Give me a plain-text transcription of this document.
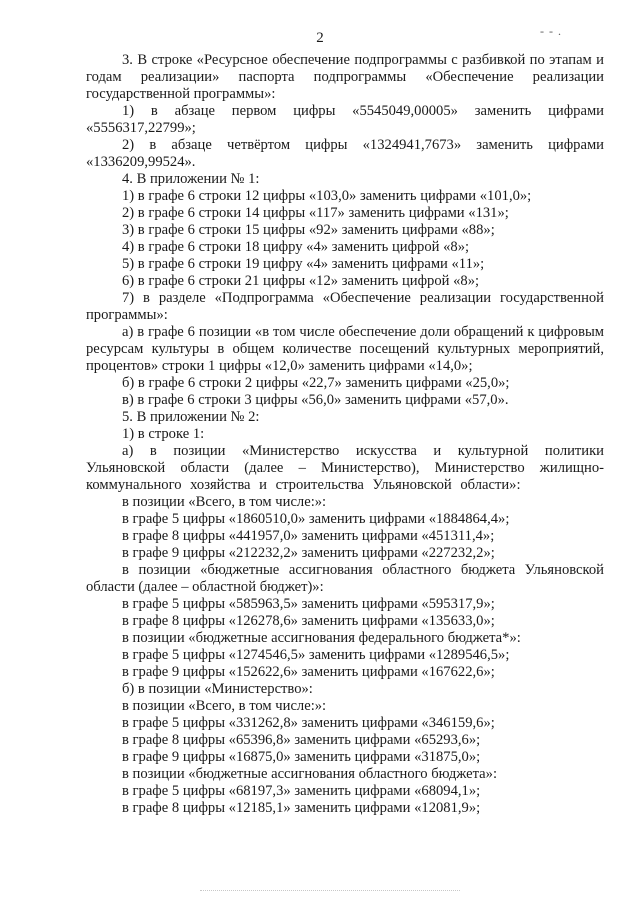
2	- - .
3. В строке «Ресурсное обеспечение подпрограммы с разбивкой по этапам и годам реализации» паспорта подпрограммы «Обеспечение реализации государственной программы»:
1) в абзаце первом цифры «5545049,00005» заменить цифрами «5556317,22799»;
2) в абзаце четвёртом цифры «1324941,7673» заменить цифрами «1336209,99524».
4. В приложении № 1:
1) в графе 6 строки 12 цифры «103,0» заменить цифрами «101,0»;
2) в графе 6 строки 14 цифры «117» заменить цифрами «131»;
3) в графе 6 строки 15 цифры «92» заменить цифрами «88»;
4) в графе 6 строки 18 цифру «4» заменить цифрой «8»;
5) в графе 6 строки 19 цифру «4» заменить цифрами «11»;
6) в графе 6 строки 21 цифры «12» заменить цифрой «8»;
7) в разделе «Подпрограмма «Обеспечение реализации государственной программы»:
а) в графе 6 позиции «в том числе обеспечение доли обращений к цифровым ресурсам культуры в общем количестве посещений культурных мероприятий, процентов» строки 1 цифры «12,0» заменить цифрами «14,0»;
б) в графе 6 строки 2 цифры «22,7» заменить цифрами «25,0»;
в) в графе 6 строки 3 цифры «56,0» заменить цифрами «57,0».
5. В приложении № 2:
1) в строке 1:
а) в позиции «Министерство искусства и культурной политики Ульяновской области (далее – Министерство), Министерство жилищно-коммунального хозяйства и строительства Ульяновской области»:
в позиции «Всего, в том числе:»:
в графе 5 цифры «1860510,0» заменить цифрами «1884864,4»;
в графе 8 цифры «441957,0» заменить цифрами «451311,4»;
в графе 9 цифры «212232,2» заменить цифрами «227232,2»;
в позиции «бюджетные ассигнования областного бюджета Ульяновской области (далее – областной бюджет)»:
в графе 5 цифры «585963,5» заменить цифрами «595317,9»;
в графе 8 цифры «126278,6» заменить цифрами «135633,0»;
в позиции «бюджетные ассигнования федерального бюджета*»:
в графе 5 цифры «1274546,5» заменить цифрами «1289546,5»;
в графе 9 цифры «152622,6» заменить цифрами «167622,6»;
б) в позиции «Министерство»:
в позиции «Всего, в том числе:»:
в графе 5 цифры «331262,8» заменить цифрами «346159,6»;
в графе 8 цифры «65396,8» заменить цифрами «65293,6»;
в графе 9 цифры «16875,0» заменить цифрами «31875,0»;
в позиции «бюджетные ассигнования областного бюджета»:
в графе 5 цифры «68197,3» заменить цифрами «68094,1»;
в графе 8 цифры «12185,1» заменить цифрами «12081,9»;
